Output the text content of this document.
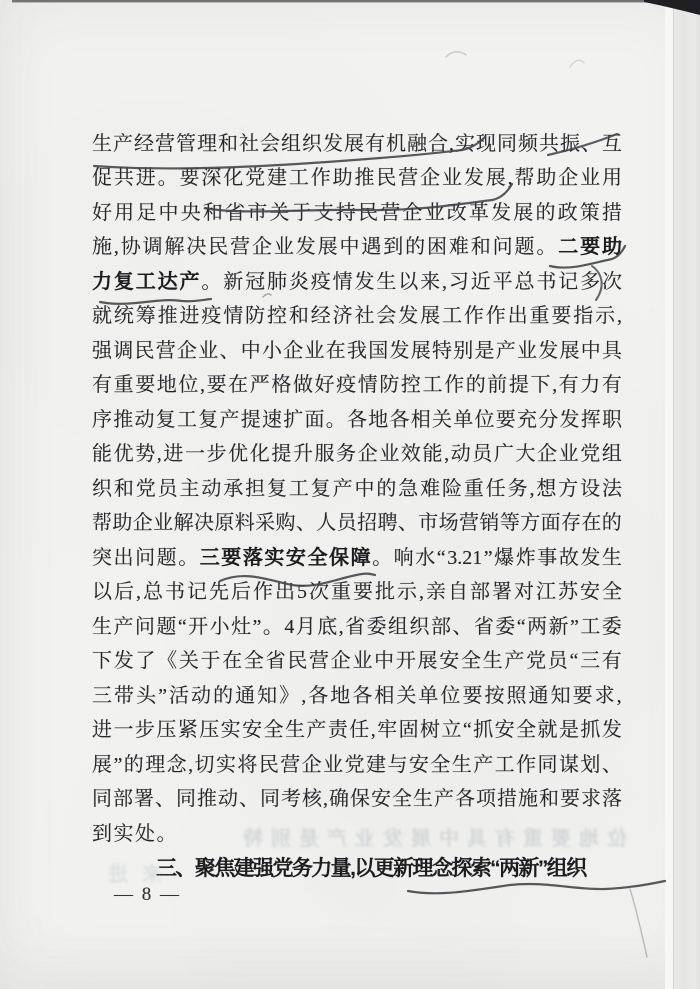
生 产 经 营 管 理 和 社 会 组 织 发 展 有 机 融 合 , 实 现 同 频 共 振 、 互
促 共 进 。 要 深 化 党 建 工 作 助 推 民 营 企 业 发 展 , 帮 助 企 业 用
好 用 足 中 央 和 省 市 关 于 支 持 民 营 企 业 改 革 发 展 的 政 策 措
施 , 协 调 解 决 民 营 企 业 发 展 中 遇 到 的 困 难 和 问 题 。 二 要 助
力 复 工 达 产 。 新 冠 肺 炎 疫 情 发 生 以 来 , 习 近 平 总 书 记 多 次
就 统 筹 推 进 疫 情 防 控 和 经 济 社 会 发 展 工 作 作 出 重 要 指 示 ,
强 调 民 营 企 业 、 中 小 企 业 在 我 国 发 展 特 别 是 产 业 发 展 中 具
有 重 要 地 位 , 要 在 严 格 做 好 疫 情 防 控 工 作 的 前 提 下 , 有 力 有
序 推 动 复 工 复 产 提 速 扩 面 。 各 地 各 相 关 单 位 要 充 分 发 挥 职
能 优 势 , 进 一 步 优 化 提 升 服 务 企 业 效 能 , 动 员 广 大 企 业 党 组
织 和 党 员 主 动 承 担 复 工 复 产 中 的 急 难 险 重 任 务 , 想 方 设 法
帮 助 企 业 解 决 原 料 采 购 、 人 员 招 聘 、 市 场 营 销 等 方 面 存 在 的
突 出 问 题 。 三 要 落 实 安 全 保 障 。 响 水 “ 3.21 ” 爆 炸 事 故 发 生
以 后 , 总 书 记 先 后 作 出 5 次 重 要 批 示 , 亲 自 部 署 对 江 苏 安 全
生 产 问 题 “ 开 小 灶 ” 。 4 月 底 , 省 委 组 织 部 、 省 委 “ 两 新 ” 工 委
下 发 了 《 关 于 在 全 省 民 营 企 业 中 开 展 安 全 生 产 党 员 “ 三 有
三 带 头 ” 活 动 的 通 知 》 , 各 地 各 相 关 单 位 要 按 照 通 知 要 求 ,
进 一 步 压 紧 压 实 安 全 生 产 责 任 , 牢 固 树 立 “ 抓 安 全 就 是 抓 发
展 ” 的 理 念 , 切 实 将 民 营 企 业 党 建 与 安 全 生 产 工 作 同 谋 划 、
同 部 署 、 同 推 动 、 同 考 核 , 确 保 安 全 生 产 各 项 措 施 和 要 求 落
到 实 处 。
三、聚焦建强党务力量,以更新理念探索“两新”组织
— 8 —
位地要重有具中展发业产是别特
来进
